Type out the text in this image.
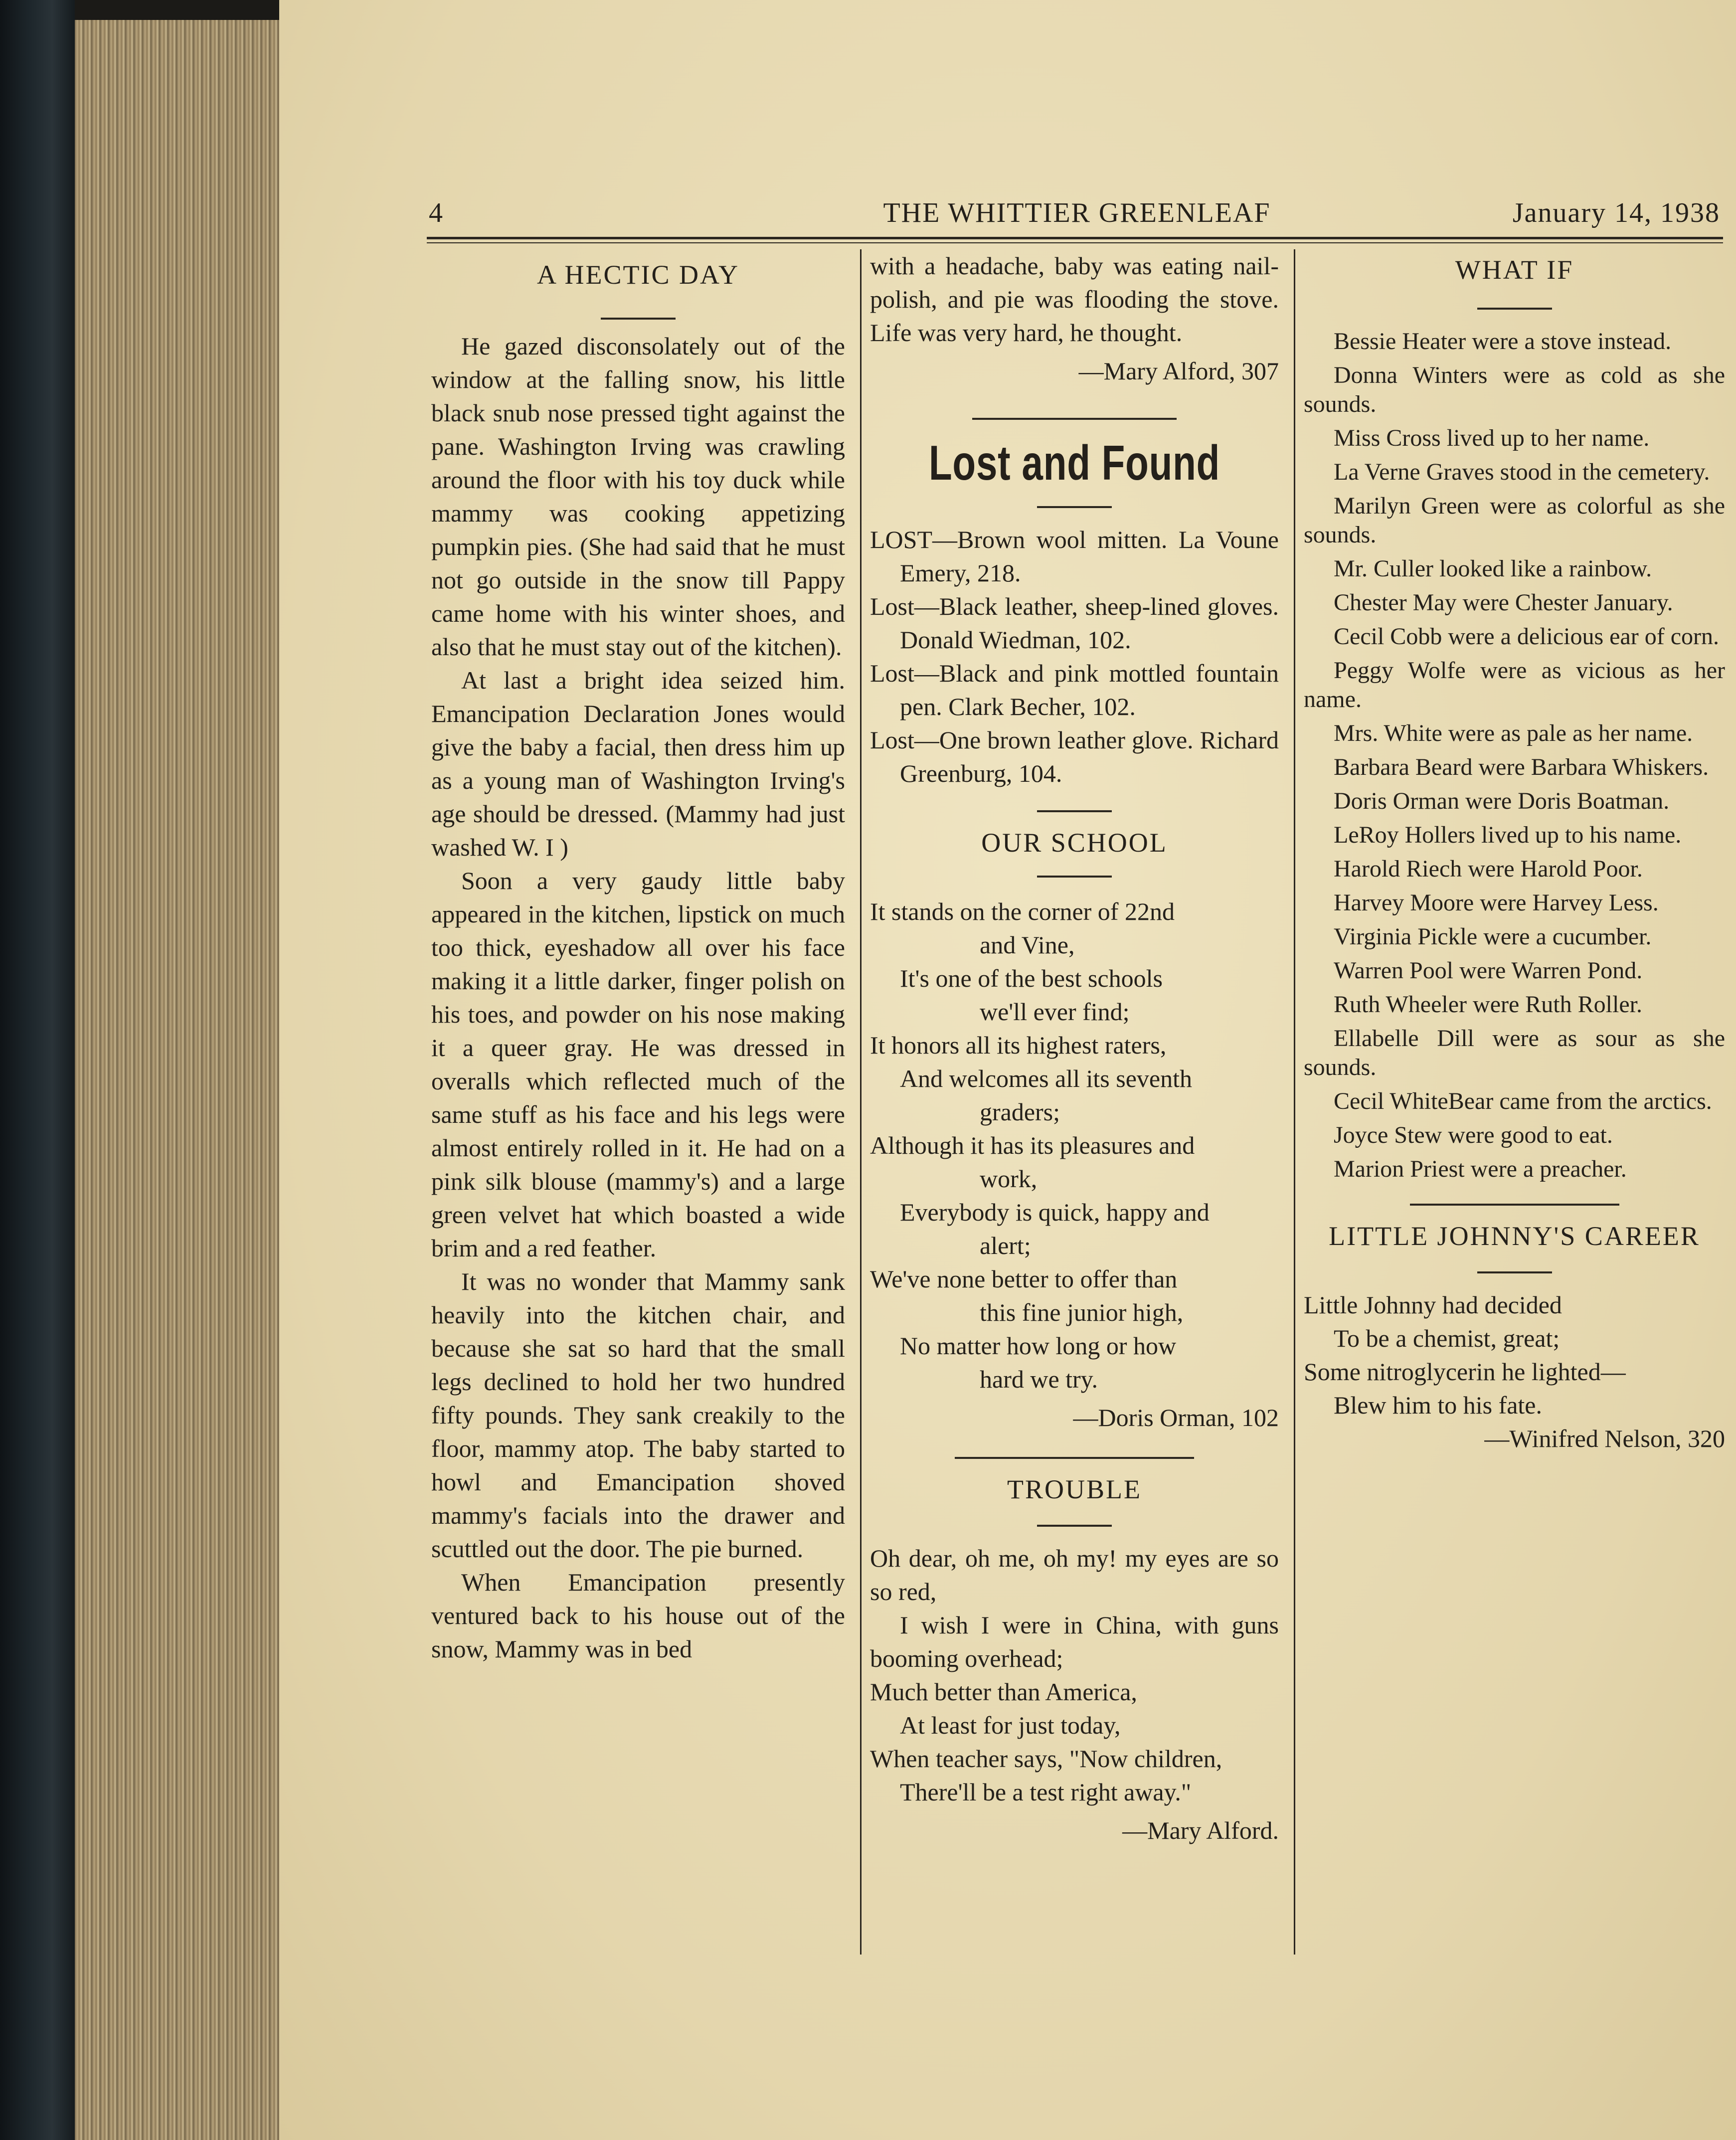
4	THE WHITTIER GREENLEAF	January 14, 1938
A HECTIC DAY

He gazed disconsolately out of the window at the falling snow, his little black snub nose pressed tight against the pane. Washington Irving was crawling around the floor with his toy duck while mammy was cooking appetizing pumpkin pies. (She had said that he must not go outside in the snow till Pappy came home with his winter shoes, and also that he must stay out of the kitchen).

At last a bright idea seized him. Emancipation Declaration Jones would give the baby a facial, then dress him up as a young man of Washington Irving's age should be dressed. (Mammy had just washed W. I )

Soon a very gaudy little baby appeared in the kitchen, lipstick on much too thick, eyeshadow all over his face making it a little darker, finger polish on his toes, and powder on his nose making it a queer gray. He was dressed in overalls which reflected much of the same stuff as his face and his legs were almost entirely rolled in it. He had on a pink silk blouse (mammy's) and a large green velvet hat which boasted a wide brim and a red feather.

It was no wonder that Mammy sank heavily into the kitchen chair, and because she sat so hard that the small legs declined to hold her two hundred fifty pounds. They sank creakily to the floor, mammy atop. The baby started to howl and Emancipation shoved mammy's facials into the drawer and scuttled out the door. The pie burned.

When Emancipation presently ventured back to his house out of the snow, Mammy was in bed

with a headache, baby was eating nail-polish, and pie was flooding the stove. Life was very hard, he thought.

—Mary Alford, 307
Lost and Found
LOST—Brown wool mitten. La Voune Emery, 218.
Lost—Black leather, sheep-lined gloves. Donald Wiedman, 102.
Lost—Black and pink mottled fountain pen. Clark Becher, 102.
Lost—One brown leather glove. Richard Greenburg, 104.
OUR SCHOOL
It stands on the corner of 22nd
and Vine,
It's one of the best schools
we'll ever find;
It honors all its highest raters,
And welcomes all its seventh
graders;
Although it has its pleasures and
work,
Everybody is quick, happy and
alert;
We've none better to offer than
this fine junior high,
No matter how long or how
hard we try.
—Doris Orman, 102
TROUBLE
Oh dear, oh me, oh my! my eyes are so so red,
I wish I were in China, with guns booming overhead;
Much better than America,
At least for just today,
When teacher says, "Now children,
There'll be a test right away."
—Mary Alford.
WHAT IF

Bessie Heater were a stove instead.

Donna Winters were as cold as she sounds.

Miss Cross lived up to her name.

La Verne Graves stood in the cemetery.

Marilyn Green were as colorful as she sounds.

Mr. Culler looked like a rainbow.

Chester May were Chester January.

Cecil Cobb were a delicious ear of corn.

Peggy Wolfe were as vicious as her name.

Mrs. White were as pale as her name.

Barbara Beard were Barbara Whiskers.

Doris Orman were Doris Boatman.

LeRoy Hollers lived up to his name.

Harold Riech were Harold Poor.

Harvey Moore were Harvey Less.

Virginia Pickle were a cucumber.

Warren Pool were Warren Pond.

Ruth Wheeler were Ruth Roller.

Ellabelle Dill were as sour as she sounds.

Cecil WhiteBear came from the arctics.

Joyce Stew were good to eat.

Marion Priest were a preacher.

LITTLE JOHNNY'S CAREER
Little Johnny had decided
To be a chemist, great;
Some nitroglycerin he lighted—
Blew him to his fate.
—Winifred Nelson, 320
